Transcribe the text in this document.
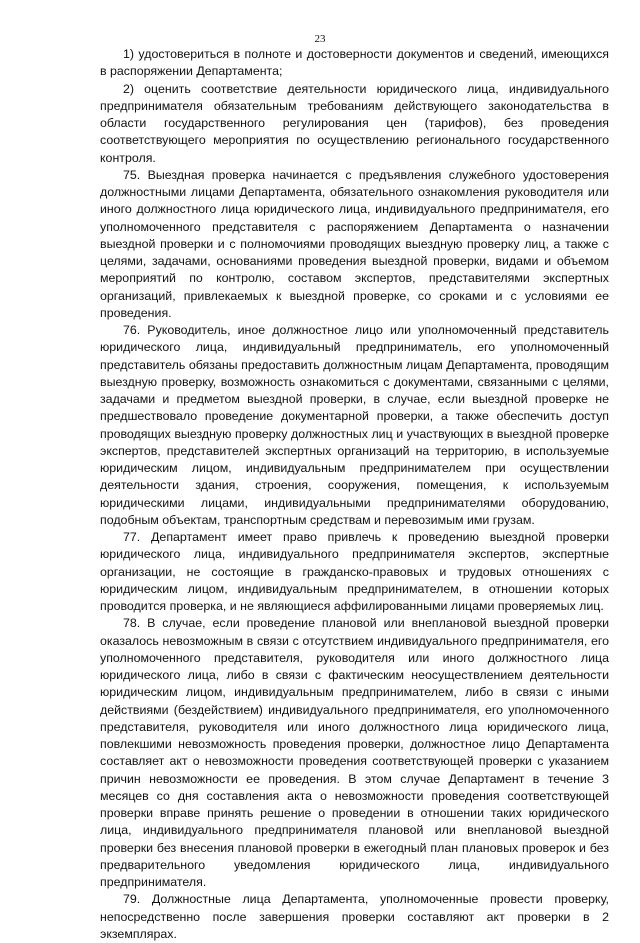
23

1) удостовериться в полноте и достоверности документов и сведений, имеющихся в распоряжении Департамента;

2) оценить соответствие деятельности юридического лица, индивидуального предпринимателя обязательным требованиям действующего законодательства в области государственного регулирования цен (тарифов), без проведения соответствующего мероприятия по осуществлению регионального государственного контроля.

75. Выездная проверка начинается с предъявления служебного удостоверения должностными лицами Департамента, обязательного ознакомления руководителя или иного должностного лица юридического лица, индивидуального предпринимателя, его уполномоченного представителя с распоряжением Департамента о назначении выездной проверки и с полномочиями проводящих выездную проверку лиц, а также с целями, задачами, основаниями проведения выездной проверки, видами и объемом мероприятий по контролю, составом экспертов, представителями экспертных организаций, привлекаемых к выездной проверке, со сроками и с условиями ее проведения.

76. Руководитель, иное должностное лицо или уполномоченный представитель юридического лица, индивидуальный предприниматель, его уполномоченный представитель обязаны предоставить должностным лицам Департамента, проводящим выездную проверку, возможность ознакомиться с документами, связанными с целями, задачами и предметом выездной проверки, в случае, если выездной проверке не предшествовало проведение документарной проверки, а также обеспечить доступ проводящих выездную проверку должностных лиц и участвующих в выездной проверке экспертов, представителей экспертных организаций на территорию, в используемые юридическим лицом, индивидуальным предпринимателем при осуществлении деятельности здания, строения, сооружения, помещения, к используемым юридическими лицами, индивидуальными предпринимателями оборудованию, подобным объектам, транспортным средствам и перевозимым ими грузам.

77. Департамент имеет право привлечь к проведению выездной проверки юридического лица, индивидуального предпринимателя экспертов, экспертные организации, не состоящие в гражданско-правовых и трудовых отношениях с юридическим лицом, индивидуальным предпринимателем, в отношении которых проводится проверка, и не являющиеся аффилированными лицами проверяемых лиц.

78. В случае, если проведение плановой или внеплановой выездной проверки оказалось невозможным в связи с отсутствием индивидуального предпринимателя, его уполномоченного представителя, руководителя или иного должностного лица юридического лица, либо в связи с фактическим неосуществлением деятельности юридическим лицом, индивидуальным предпринимателем, либо в связи с иными действиями (бездействием) индивидуального предпринимателя, его уполномоченного представителя, руководителя или иного должностного лица юридического лица, повлекшими невозможность проведения проверки, должностное лицо Департамента составляет акт о невозможности проведения соответствующей проверки с указанием причин невозможности ее проведения. В этом случае Департамент в течение 3 месяцев со дня составления акта о невозможности проведения соответствующей проверки вправе принять решение о проведении в отношении таких юридического лица, индивидуального предпринимателя плановой или внеплановой выездной проверки без внесения плановой проверки в ежегодный план плановых проверок и без предварительного уведомления юридического лица, индивидуального предпринимателя.

79. Должностные лица Департамента, уполномоченные провести проверку, непосредственно после завершения проверки составляют акт проверки в 2 экземплярах.
